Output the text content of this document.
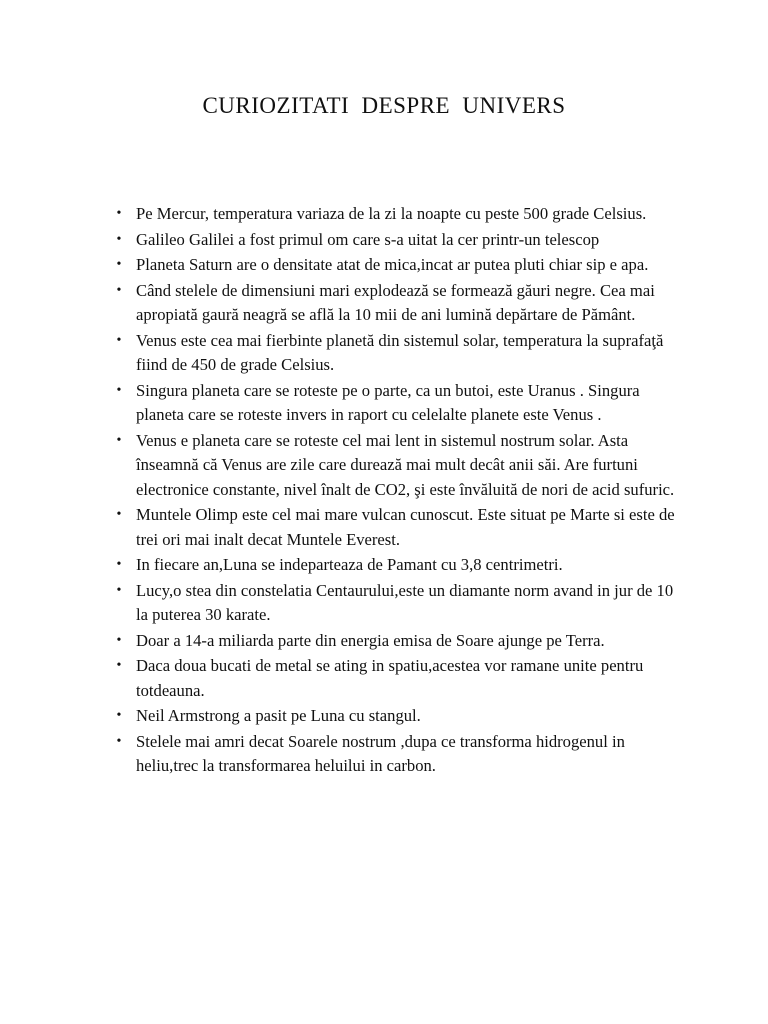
CURIOZITATI DESPRE UNIVERS
• Pe Mercur, temperatura variaza de la zi la noapte cu peste 500 grade Celsius.
• Galileo Galilei a fost primul om care s-a uitat la cer printr-un telescop
• Planeta Saturn are o densitate atat de mica,incat ar putea pluti chiar sip e apa.
• Când stelele de dimensiuni mari explodează se formează găuri negre. Cea mai apropiată gaură neagră se află la 10 mii de ani lumină depărtare de Pământ.
• Venus este cea mai fierbinte planetă din sistemul solar, temperatura la suprafaţă fiind de 450 de grade Celsius.
• Singura planeta care se roteste pe o parte, ca un butoi, este Uranus . Singura planeta care se roteste invers in raport cu celelalte planete este Venus .
• Venus e planeta care se roteste cel mai lent in sistemul nostrum solar. Asta înseamnă că Venus are zile care durează mai mult decât anii săi. Are furtuni electronice constante, nivel înalt de CO2, şi este învăluită de nori de acid sufuric.
• Muntele Olimp este cel mai mare vulcan cunoscut. Este situat pe Marte si este de trei ori mai inalt decat Muntele Everest.
• In fiecare an,Luna se indeparteaza de Pamant cu 3,8 centrimetri.
• Lucy,o stea din constelatia Centaurului,este un diamante norm avand in jur de 10 la puterea 30 karate.
• Doar a 14-a miliarda parte din energia emisa de Soare ajunge pe Terra.
• Daca doua bucati de metal se ating in spatiu,acestea vor ramane unite pentru totdeauna.
• Neil Armstrong a pasit pe Luna cu stangul.
• Stelele mai amri decat Soarele nostrum ,dupa ce transforma hidrogenul in heliu,trec la transformarea heluilui in carbon.
